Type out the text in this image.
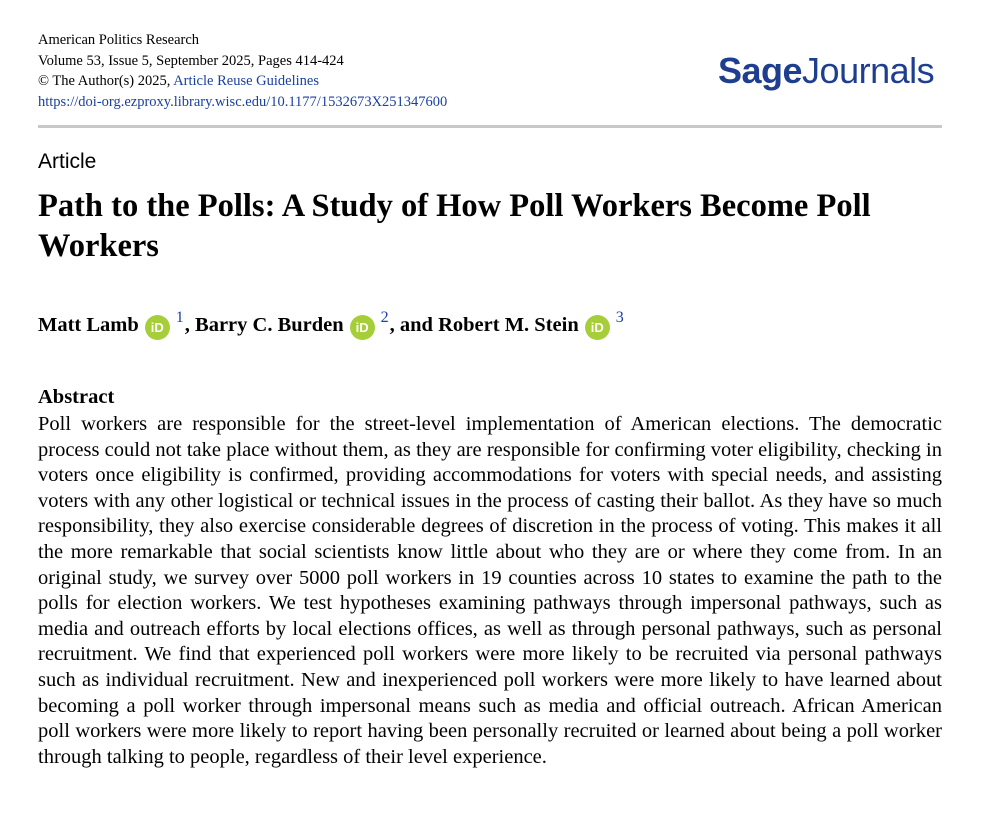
American Politics Research
Volume 53, Issue 5, September 2025, Pages 414-424
© The Author(s) 2025, Article Reuse Guidelines
https://doi-org.ezproxy.library.wisc.edu/10.1177/1532673X251347600
SageJournals
Article
Path to the Polls: A Study of How Poll Workers Become Poll Workers
Matt Lamb iD
1 , Barry C. Burden iD
2 , and Robert M. Stein iD
3
Abstract

Poll workers are responsible for the street-level implementation of American elections. The democratic process could not take place without them, as they are responsible for confirming voter eligibility, checking in voters once eligibility is confirmed, providing accommodations for voters with special needs, and assisting voters with any other logistical or technical issues in the process of casting their ballot. As they have so much responsibility, they also exercise considerable degrees of discretion in the process of voting. This makes it all the more remarkable that social scientists know little about who they are or where they come from. In an original study, we survey over 5000 poll workers in 19 counties across 10 states to examine the path to the polls for election workers. We test hypotheses examining pathways through impersonal pathways, such as media and outreach efforts by local elections offices, as well as through personal pathways, such as personal recruitment. We find that experienced poll workers were more likely to be recruited via personal pathways such as individual recruitment. New and inexperienced poll workers were more likely to have learned about becoming a poll worker through impersonal means such as media and official outreach. African American poll workers were more likely to report having been personally recruited or learned about being a poll worker through talking to people, regardless of their level experience.
